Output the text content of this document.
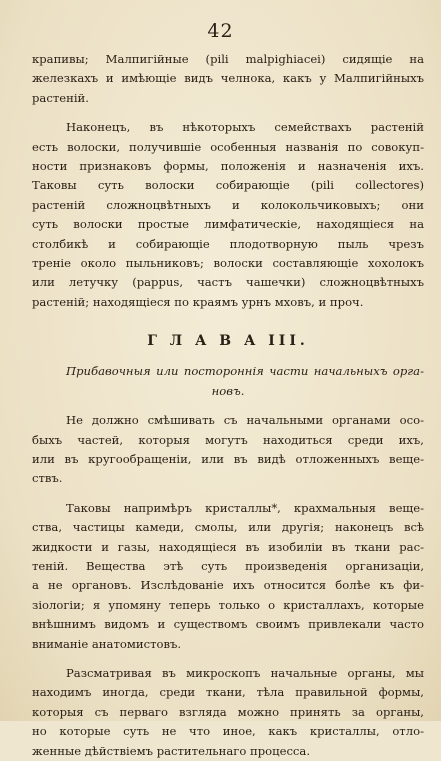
42
крапивы; Малпигійные (pili malpighiacei) сидящіе на
железкахъ и имѣющіе видъ челнока, какъ у Малпигійныхъ
растеній.
Наконецъ, въ нѣкоторыхъ семействахъ растеній
есть волоски, получившіе особенныя названія по совокуп-
ности признаковъ формы, положенія и назначенія ихъ.
Таковы суть волоски собирающіе (pili collectores)
растеній сложноцвѣтныхъ и колокольчиковыхъ; они
суть волоски простые лимфатическіе, находящіеся на
столбикѣ и собирающіе плодотворную пыль чрезъ
треніе около пыльниковъ; волоски составляющіе хохолокъ
или летучку (pappus, частъ чашечки) сложноцвѣтныхъ
растеній; находящіеся по краямъ урнъ мховъ, и проч.
Г Л А В А III.
Прибавочныя или постороннія части начальныхъ орга-
новъ.
Не должно смѣшивать съ начальными органами осо-
быхъ частей, которыя могутъ находиться среди ихъ,
или въ кругообращеніи, или въ видѣ отложенныхъ веще-
ствъ.
Таковы напримѣръ кристаллы*, крахмальныя веще-
ства, частицы камеди, смолы, или другія; наконецъ всѣ
жидкости и газы, находящіеся въ изобиліи въ ткани рас-
теній. Вещества этѣ суть произведенія организаціи,
а не органовъ. Изслѣдованіе ихъ относится болѣе къ фи-
зіологіи; я упомяну теперь только о кристаллахъ, которые
внѣшнимъ видомъ и существомъ своимъ привлекали часто
вниманіе анатомистовъ.
Разсматривая въ микроскопъ начальные органы, мы
находимъ иногда, среди ткани, тѣла правильной формы,
которыя съ перваго взгляда можно принять за органы,
но которые суть не что иное, какъ кристаллы, отло-
женные дѣйствіемъ растительнаго процесса.
